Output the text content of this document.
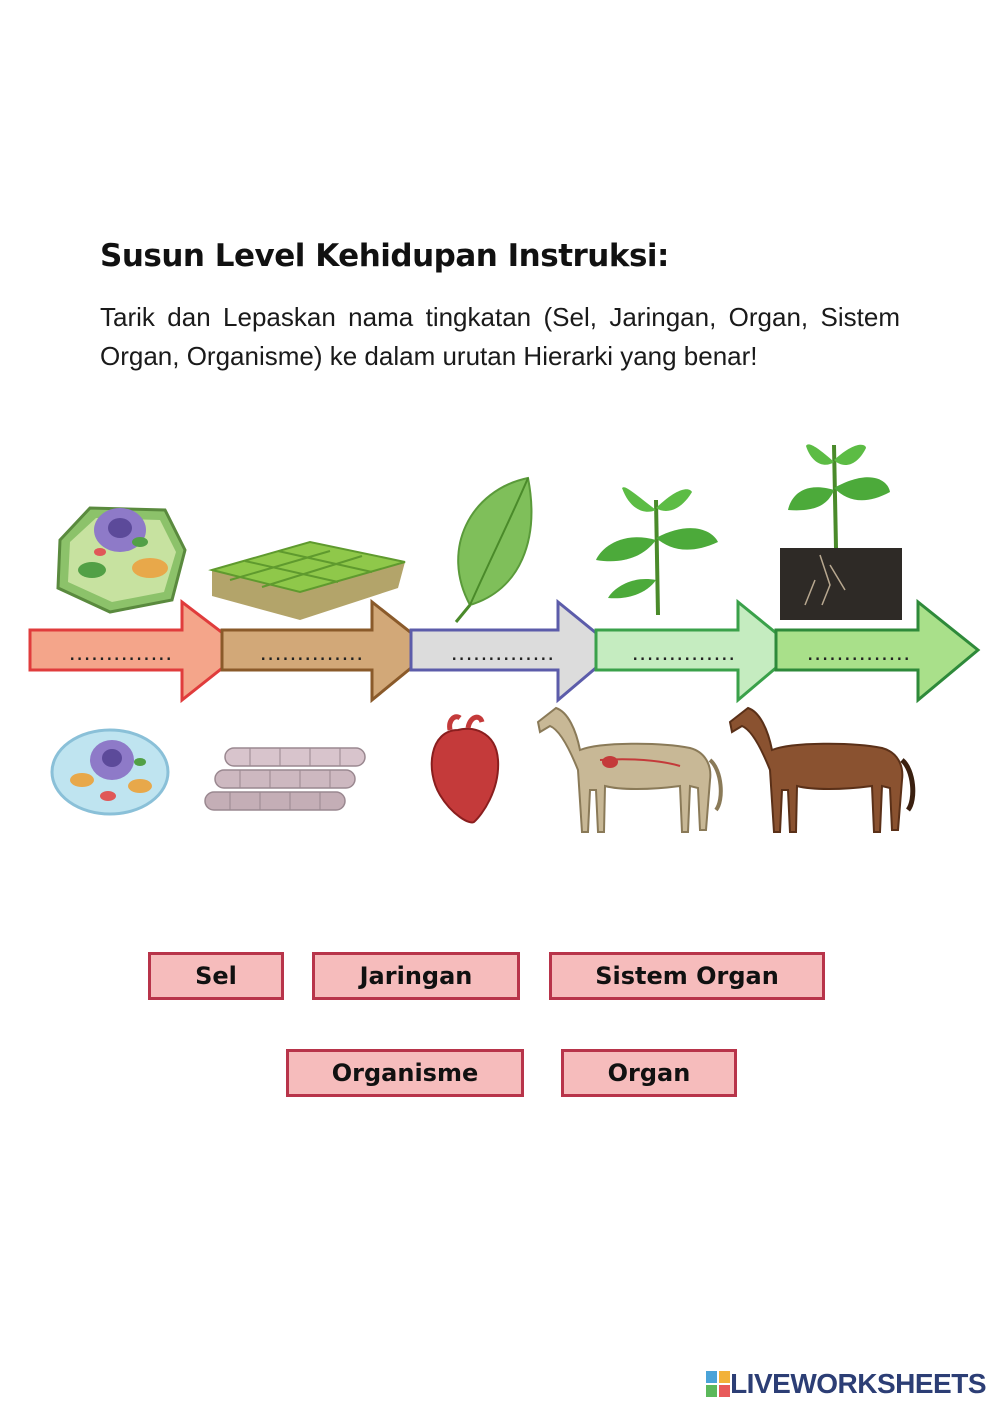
Susun Level Kehidupan Instruksi:

Tarik dan Lepaskan nama tingkatan (Sel, Jaringan, Organ, Sistem Organ, Organisme) ke dalam urutan Hierarki yang benar!

..............	..............	..............	..............	..............
Sel	Jaringan	Sistem Organ
Organisme	Organ
LIVEWORKSHEETS
